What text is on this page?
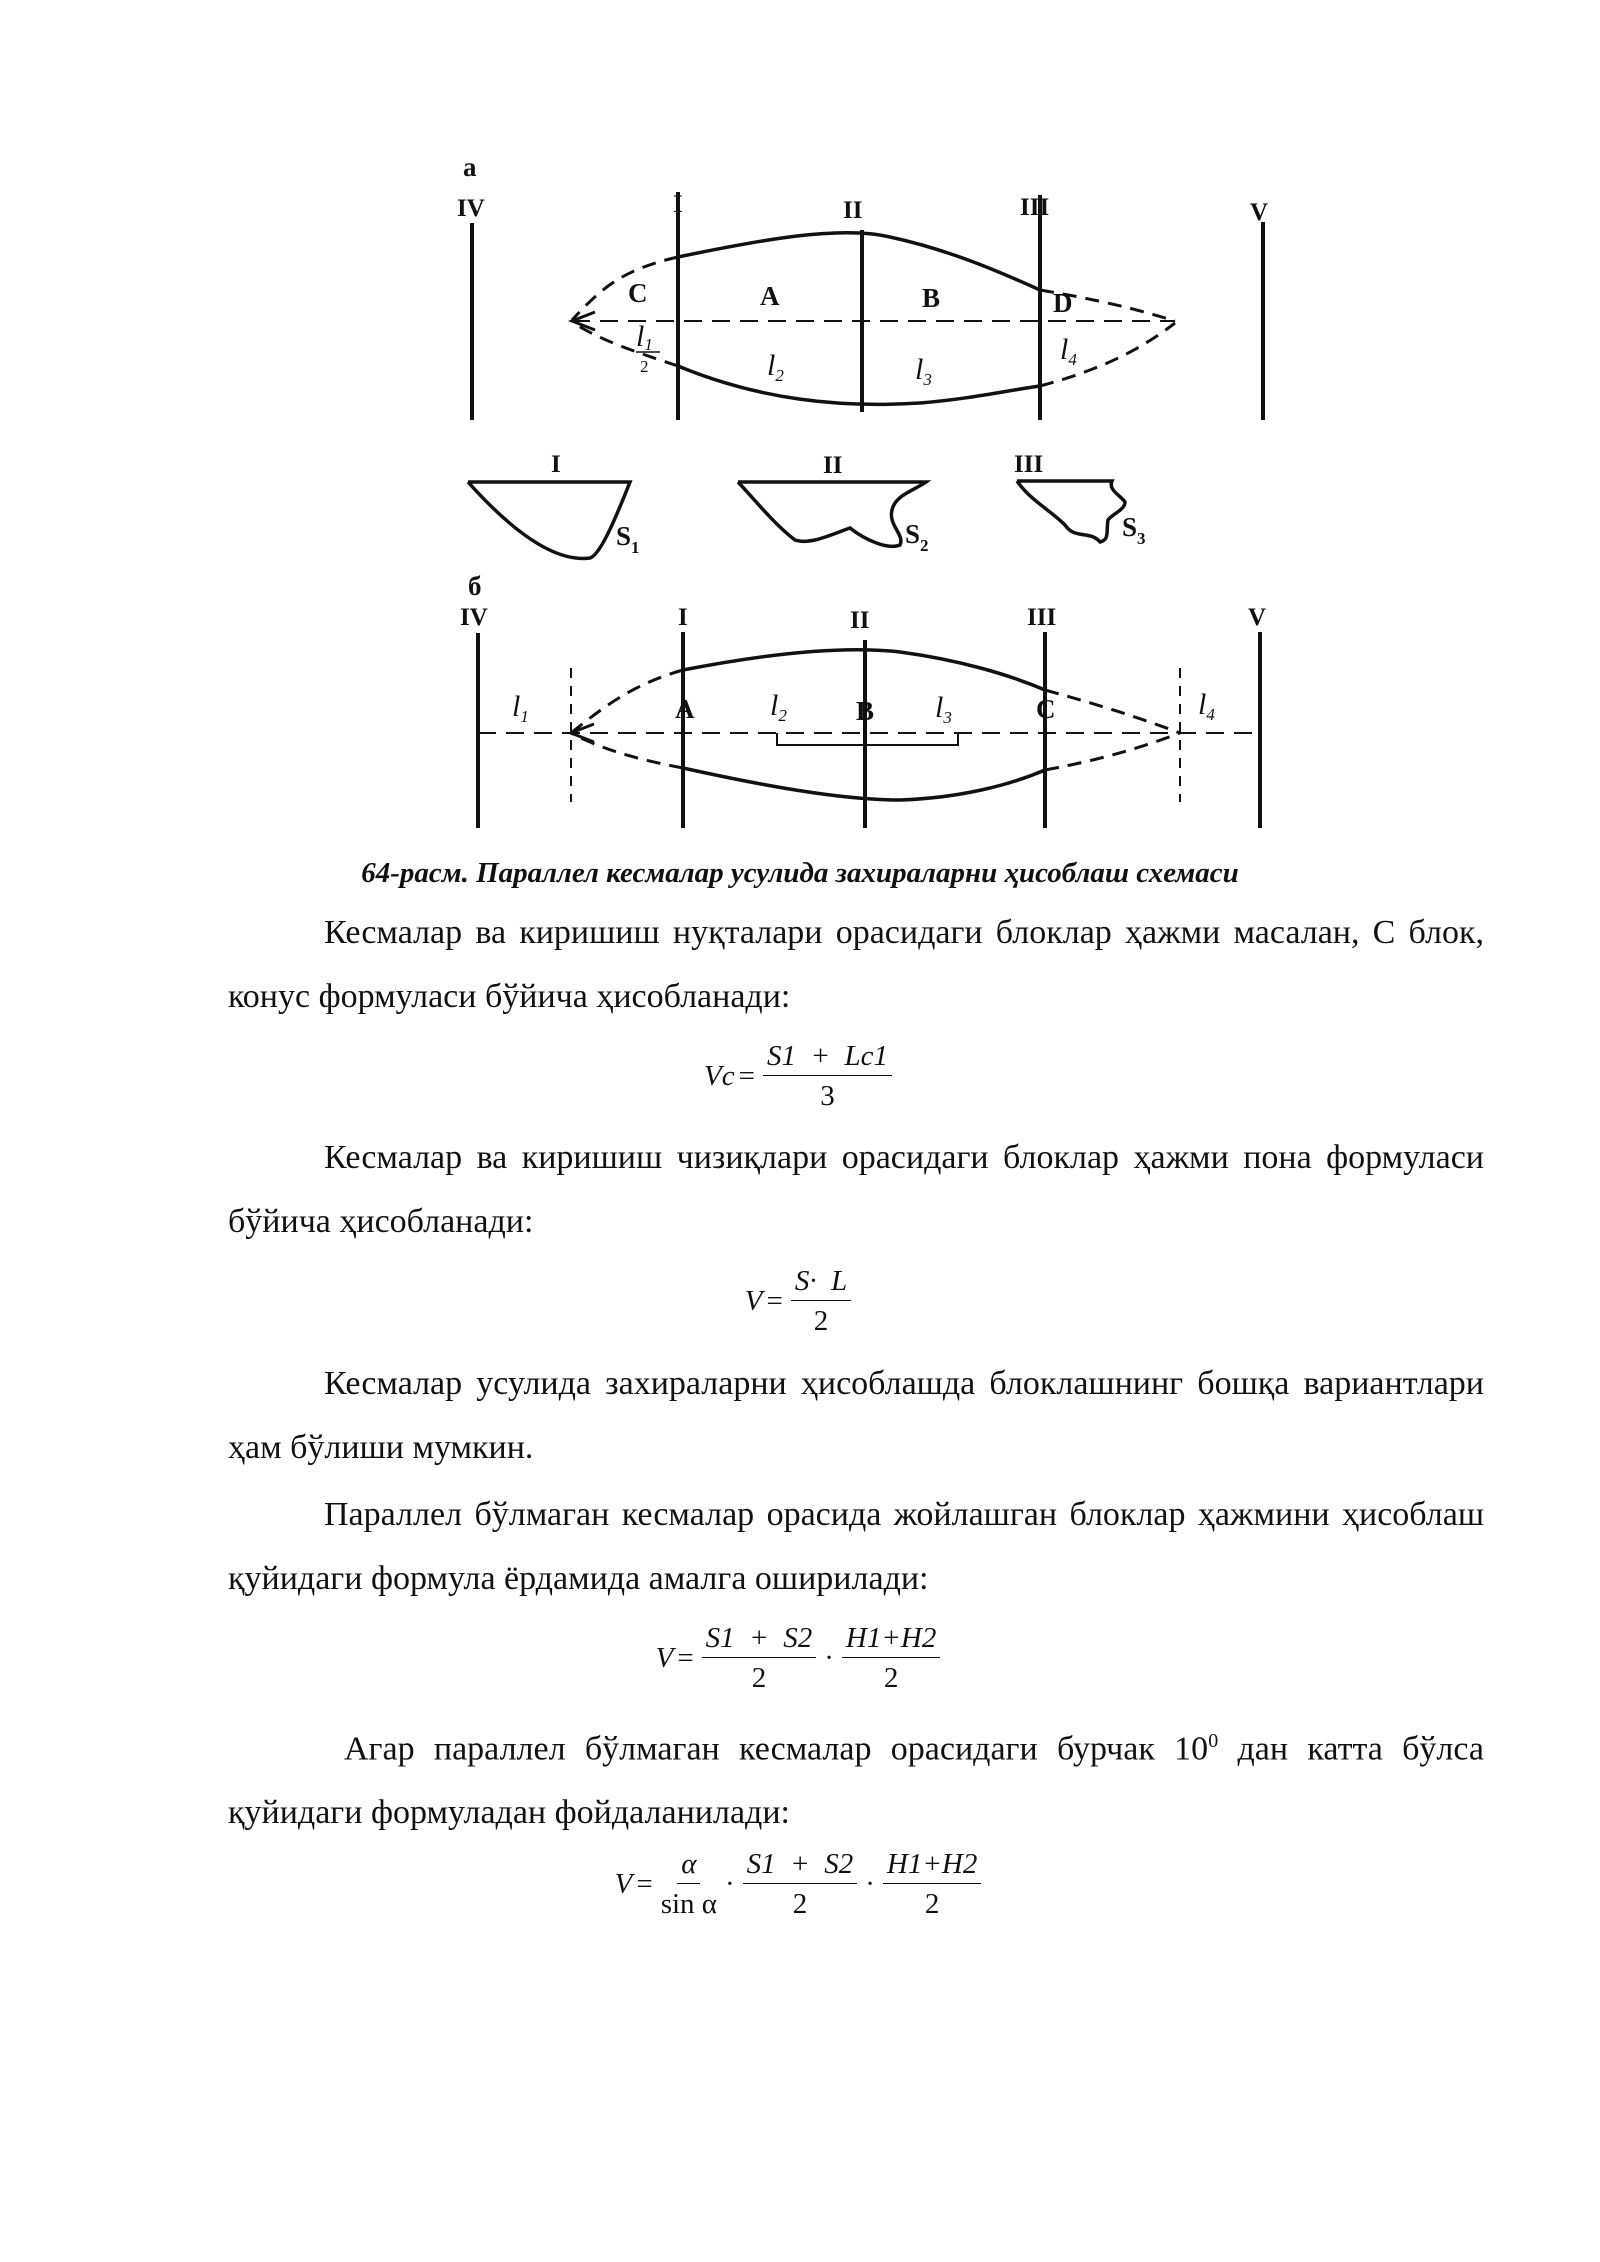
а
IV	I	II	III	V
C	A	B	D
l1
2	$l_2$	$l_3$
$l_4$
I
$S_1$
II
$S_2$
III
$S_3$
б
IV	I	II	III	V
A	B	C
$l_1$	$l_2$	$l_3$	$l_4$
64-расм. Параллел кесмалар усулида захираларни ҳисоблаш схемаси

Кесмалар ва киришиш нуқталари орасидаги блоклар ҳажми масалан, С блок, конус формуласи бўйича ҳисобланади:

$Vc = \frac{S1 + Lc1}{3}$

Кесмалар ва киришиш чизиқлари орасидаги блоклар ҳажми пона формуласи бўйича ҳисобланади:

$V = \frac{S\cdot L}{2}$

Кесмалар усулида захираларни ҳисоблашда блоклашнинг бошқа вариантлари ҳам бўлиши мумкин.

Параллел бўлмаган кесмалар орасида жойлашган блоклар ҳажмини ҳисоблаш қуйидаги формула ёрдамида амалга оширилади:

$V = \frac{S1 + S2}{2} \cdot \frac{H1+H2}{2}$

Агар параллел бўлмаган кесмалар орасидаги бурчак $10^0$ дан катта бўлса қуйидаги формуладан фойдаланилади:

$V = \frac{\alpha}{\text{sin α}} \cdot \frac{S1 + S2}{2} \cdot \frac{H1+H2}{2}$
